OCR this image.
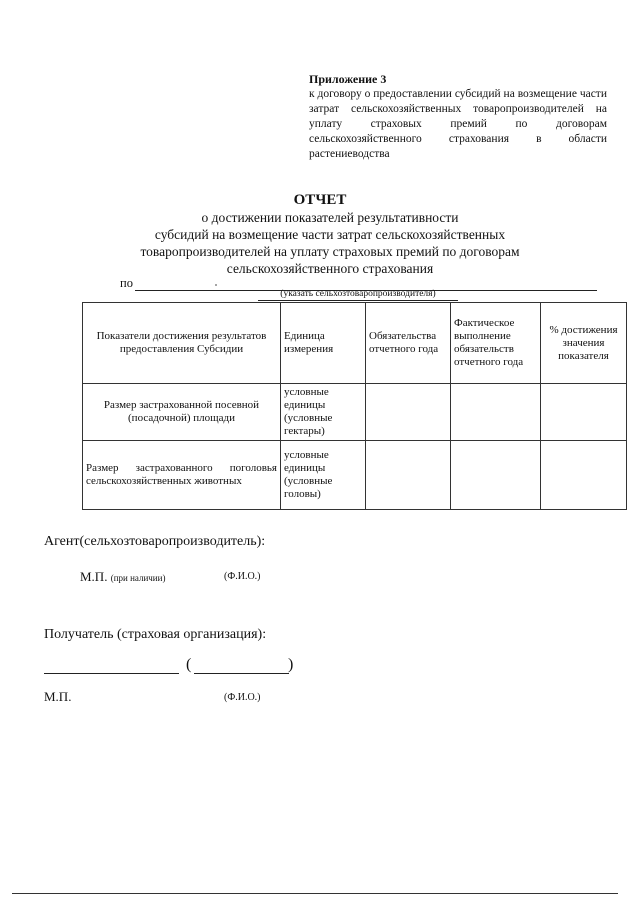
Приложение 3
к договору о предоставлении субсидий на возмещение части затрат сельскохозяйственных товаропроизводителей на уплату страховых премий по договорам сельскохозяйственного страхования в области растениеводства
ОТЧЕТ
о достижении показателей результативности
субсидий на возмещение части затрат сельскохозяйственных
товаропроизводителей на уплату страховых премий по договорам
сельскохозяйственного страхования
по
(указать сельхозтоваропроизводителя)
Показатели достижения результатов предоставления Субсидии	Единица измерения	Обязательства отчетного года	Фактическое выполнение обязательств отчетного года	% достижения значения показателя
Размер застрахованной посевной (посадочной) площади	условные единицы (условные гектары)			
Размер застрахованного поголовья сельскохозяйственных животных	условные единицы (условные головы)			
Агент(сельхозтоваропроизводитель):
М.П. (при наличии)	(Ф.И.О.)
Получатель (страховая организация):
(	)
М.П.	(Ф.И.О.)
